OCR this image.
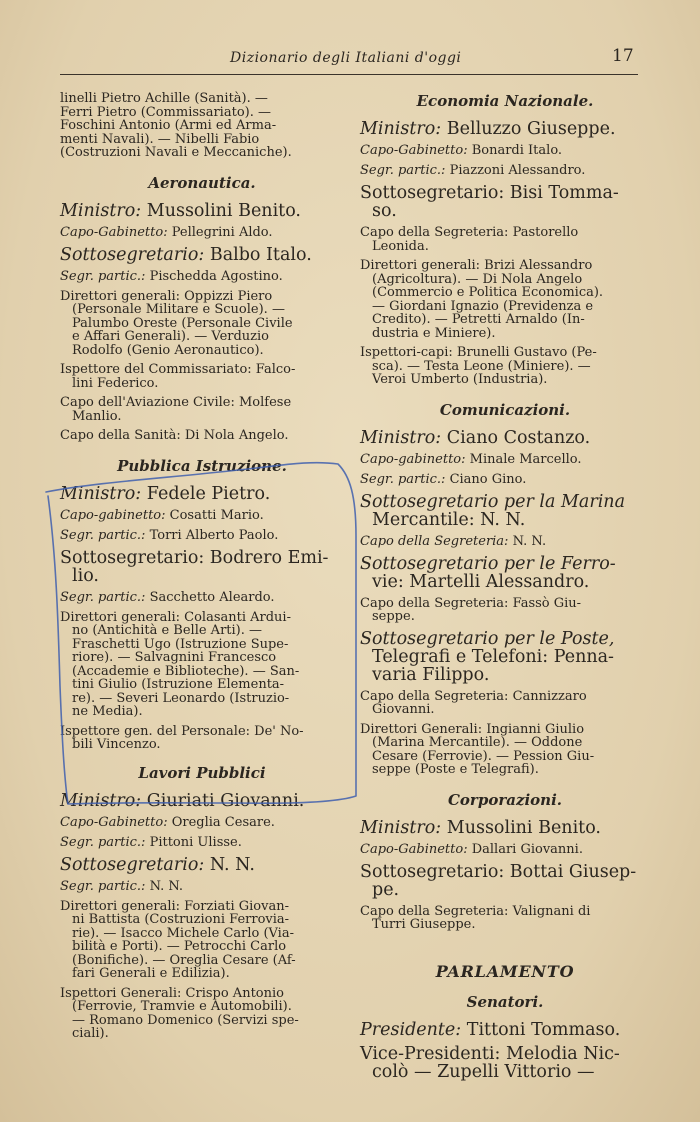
Dizionario degli Italiani d'oggi	17
linelli Pietro Achille (Sanità). —
Ferri Pietro (Commissariato). —
Foschini Antonio (Armi ed Arma-
menti Navali). — Nibelli Fabio
(Costruzioni Navali e Meccaniche).
Aeronautica.
Ministro: Mussolini Benito.
Capo-Gabinetto: Pellegrini Aldo.
Sottosegretario: Balbo Italo.
Segr. partic.: Pischedda Agostino.
Direttori generali: Oppizzi Piero
(Personale Militare e Scuole). —
Palumbo Oreste (Personale Civile
e Affari Generali). — Verduzio
Rodolfo (Genio Aeronautico).
Ispettore del Commissariato: Falco-
lini Federico.
Capo dell'Aviazione Civile: Molfese
Manlio.
Capo della Sanità: Di Nola Angelo.
Pubblica Istruzione.
Ministro: Fedele Pietro.
Capo-gabinetto: Cosatti Mario.
Segr. partic.: Torri Alberto Paolo.
Sottosegretario: Bodrero Emi-
lio.
Segr. partic.: Sacchetto Aleardo.
Direttori generali: Colasanti Ardui-
no (Antichità e Belle Arti). —
Fraschetti Ugo (Istruzione Supe-
riore). — Salvagnini Francesco
(Accademie e Biblioteche). — San-
tini Giulio (Istruzione Elementa-
re). — Severi Leonardo (Istruzio-
ne Media).
Ispettore gen. del Personale: De' No-
bili Vincenzo.
Lavori Pubblici
Ministro: Giuriati Giovanni.
Capo-Gabinetto: Oreglia Cesare.
Segr. partic.: Pittoni Ulisse.
Sottosegretario: N. N.
Segr. partic.: N. N.
Direttori generali: Forziati Giovan-
ni Battista (Costruzioni Ferrovia-
rie). — Isacco Michele Carlo (Via-
bilità e Porti). — Petrocchi Carlo
(Bonifiche). — Oreglia Cesare (Af-
fari Generali e Edilizia).
Ispettori Generali: Crispo Antonio
(Ferrovie, Tramvie e Automobili).
— Romano Domenico (Servizi spe-
ciali).
Economia Nazionale.
Ministro: Belluzzo Giuseppe.
Capo-Gabinetto: Bonardi Italo.
Segr. partic.: Piazzoni Alessandro.
Sottosegretario: Bisi Tomma-
so.
Capo della Segreteria: Pastorello
Leonida.
Direttori generali: Brizi Alessandro
(Agricoltura). — Di Nola Angelo
(Commercio e Politica Economica).
— Giordani Ignazio (Previdenza e
Credito). — Petretti Arnaldo (In-
dustria e Miniere).
Ispettori-capi: Brunelli Gustavo (Pe-
sca). — Testa Leone (Miniere). —
Veroi Umberto (Industria).
Comunicazioni.
Ministro: Ciano Costanzo.
Capo-gabinetto: Minale Marcello.
Segr. partic.: Ciano Gino.
Sottosegretario per la Marina
Mercantile: N. N.
Capo della Segreteria: N. N.
Sottosegretario per le Ferro-
vie: Martelli Alessandro.
Capo della Segreteria: Fassò Giu-
seppe.
Sottosegretario per le Poste,
Telegrafi e Telefoni: Penna-
varia Filippo.
Capo della Segreteria: Cannizzaro
Giovanni.
Direttori Generali: Ingianni Giulio
(Marina Mercantile). — Oddone
Cesare (Ferrovie). — Pession Giu-
seppe (Poste e Telegrafi).
Corporazioni.
Ministro: Mussolini Benito.
Capo-Gabinetto: Dallari Giovanni.
Sottosegretario: Bottai Giusep-
pe.
Capo della Segreteria: Valignani di
Turri Giuseppe.
PARLAMENTO
Senatori.
Presidente: Tittoni Tommaso.
Vice-Presidenti: Melodia Nic-
colò — Zupelli Vittorio —
